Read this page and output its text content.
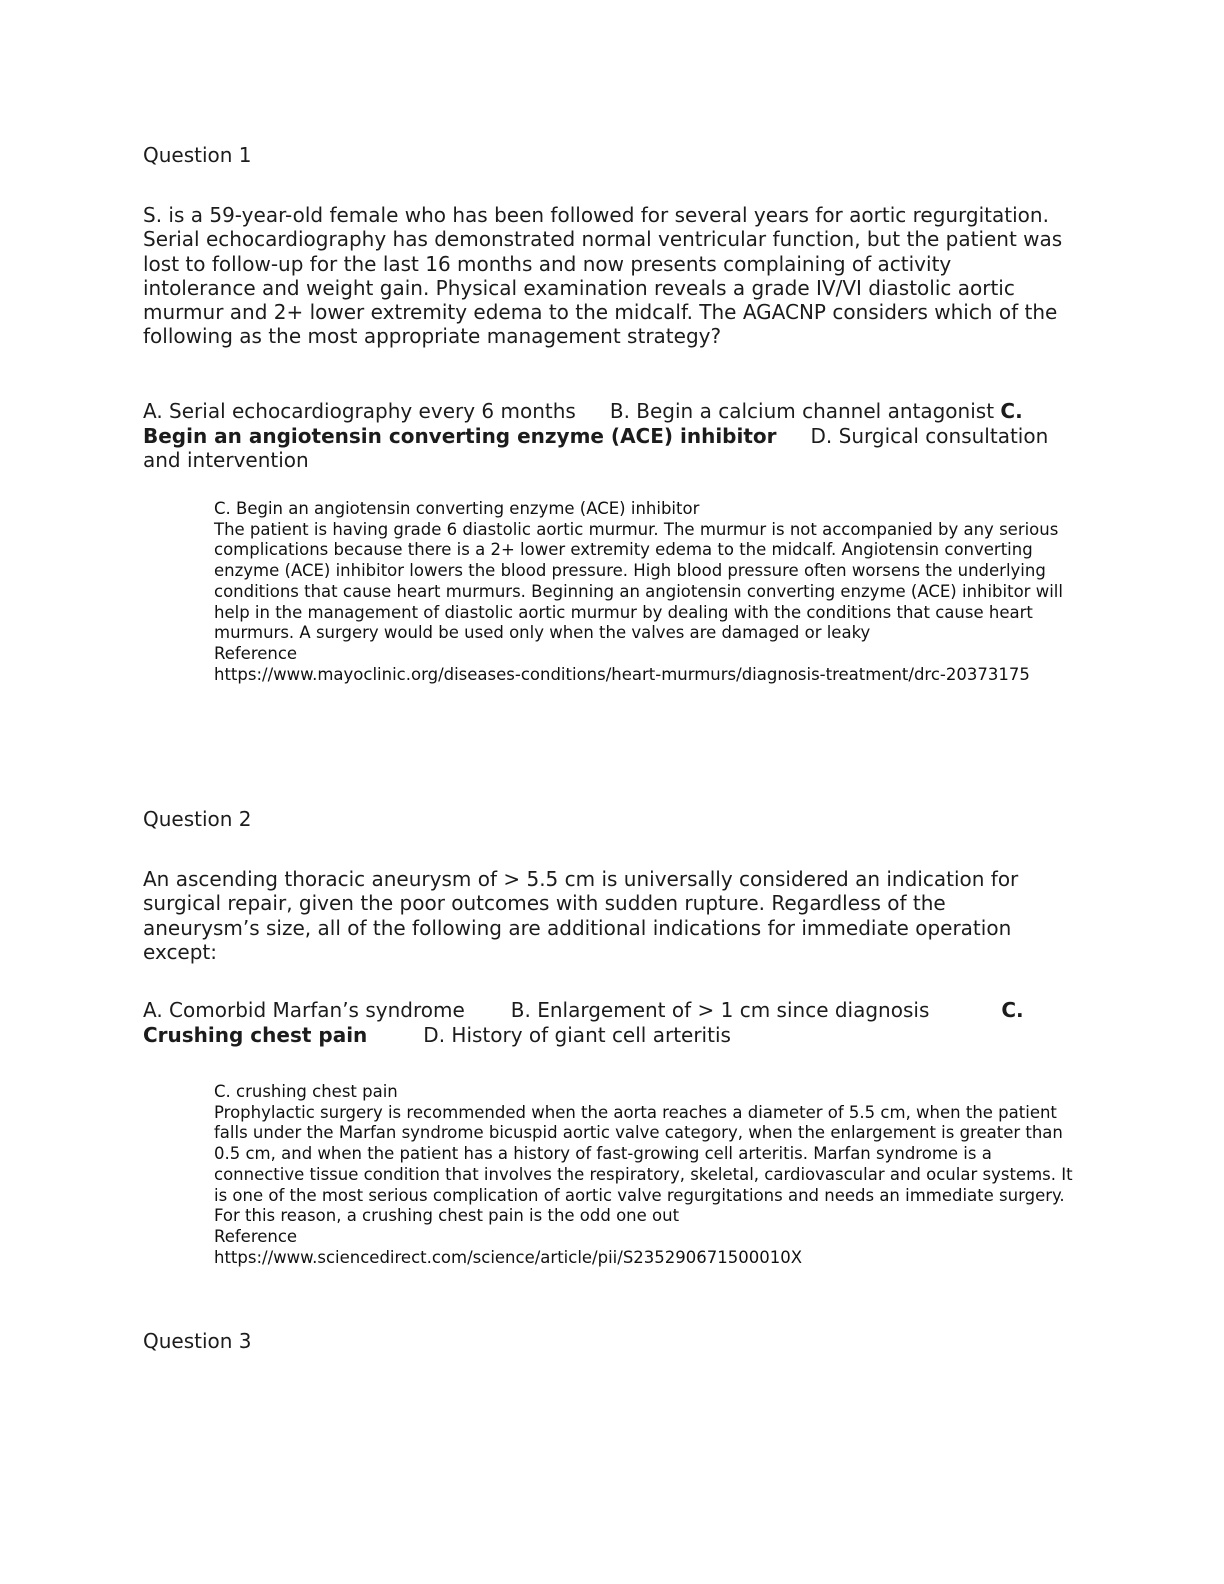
Question 1

S. is a 59-year-old female who has been followed for several years for aortic regurgitation. Serial echocardiography has demonstrated normal ventricular function, but the patient was lost to follow-up for the last 16 months and now presents complaining of activity intolerance and weight gain. Physical examination reveals a grade IV/VI diastolic aortic murmur and 2+ lower extremity edema to the midcalf. The AGACNP considers which of the following as the most appropriate management strategy?

A. Serial echocardiography every 6 months B. Begin a calcium channel antagonist C. Begin an angiotensin converting enzyme (ACE) inhibitor D. Surgical consultation and intervention

C. Begin an angiotensin converting enzyme (ACE) inhibitor

The patient is having grade 6 diastolic aortic murmur. The murmur is not accompanied by any serious complications because there is a 2+ lower extremity edema to the midcalf. Angiotensin converting enzyme (ACE) inhibitor lowers the blood pressure. High blood pressure often worsens the underlying conditions that cause heart murmurs. Beginning an angiotensin converting enzyme (ACE) inhibitor will help in the management of diastolic aortic murmur by dealing with the conditions that cause heart murmurs. A surgery would be used only when the valves are damaged or leaky

Reference

https://www.mayoclinic.org/diseases-conditions/heart-murmurs/diagnosis-treatment/drc-20373175

Question 2

An ascending thoracic aneurysm of > 5.5 cm is universally considered an indication for surgical repair, given the poor outcomes with sudden rupture. Regardless of the aneurysm’s size, all of the following are additional indications for immediate operation except:

A. Comorbid Marfan’s syndrome B. Enlargement of > 1 cm since diagnosis	C. Crushing chest pain	D. History of giant cell arteritis

C. crushing chest pain

Prophylactic surgery is recommended when the aorta reaches a diameter of 5.5 cm, when the patient falls under the Marfan syndrome bicuspid aortic valve category, when the enlargement is greater than 0.5 cm, and when the patient has a history of fast-growing cell arteritis. Marfan syndrome is a connective tissue condition that involves the respiratory, skeletal, cardiovascular and ocular systems. It is one of the most serious complication of aortic valve regurgitations and needs an immediate surgery. For this reason, a crushing chest pain is the odd one out

Reference

https://www.sciencedirect.com/science/article/pii/S235290671500010X

Question 3
